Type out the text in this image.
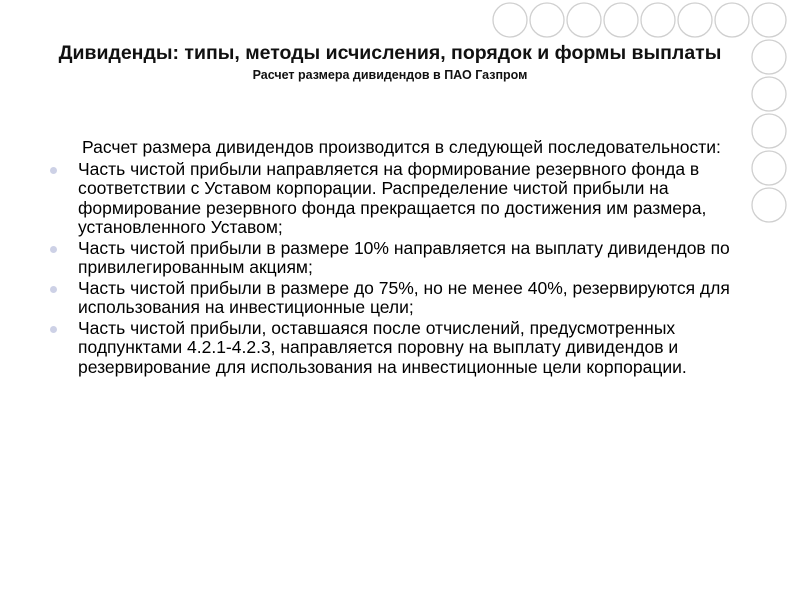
Дивиденды: типы, методы исчисления, порядок и формы выплаты
Расчет размера дивидендов в ПАО Газпром
Расчет размера дивидендов производится в следующей последовательности:
Часть чистой прибыли направляется на формирование резервного фонда в соответствии с Уставом корпорации. Распределение чистой прибыли на формирование резервного фонда прекращается по достижения им размера, установленного Уставом;
Часть чистой прибыли в размере 10% направляется на выплату дивидендов по привилегированным акциям;
Часть чистой прибыли в размере до 75%, но не менее 40%, резервируются для использования на инвестиционные цели;
Часть чистой прибыли, оставшаяся после отчислений, предусмотренных подпунктами 4.2.1-4.2.3, направляется поровну на выплату дивидендов и резервирование для использования на инвестиционные цели корпорации.
